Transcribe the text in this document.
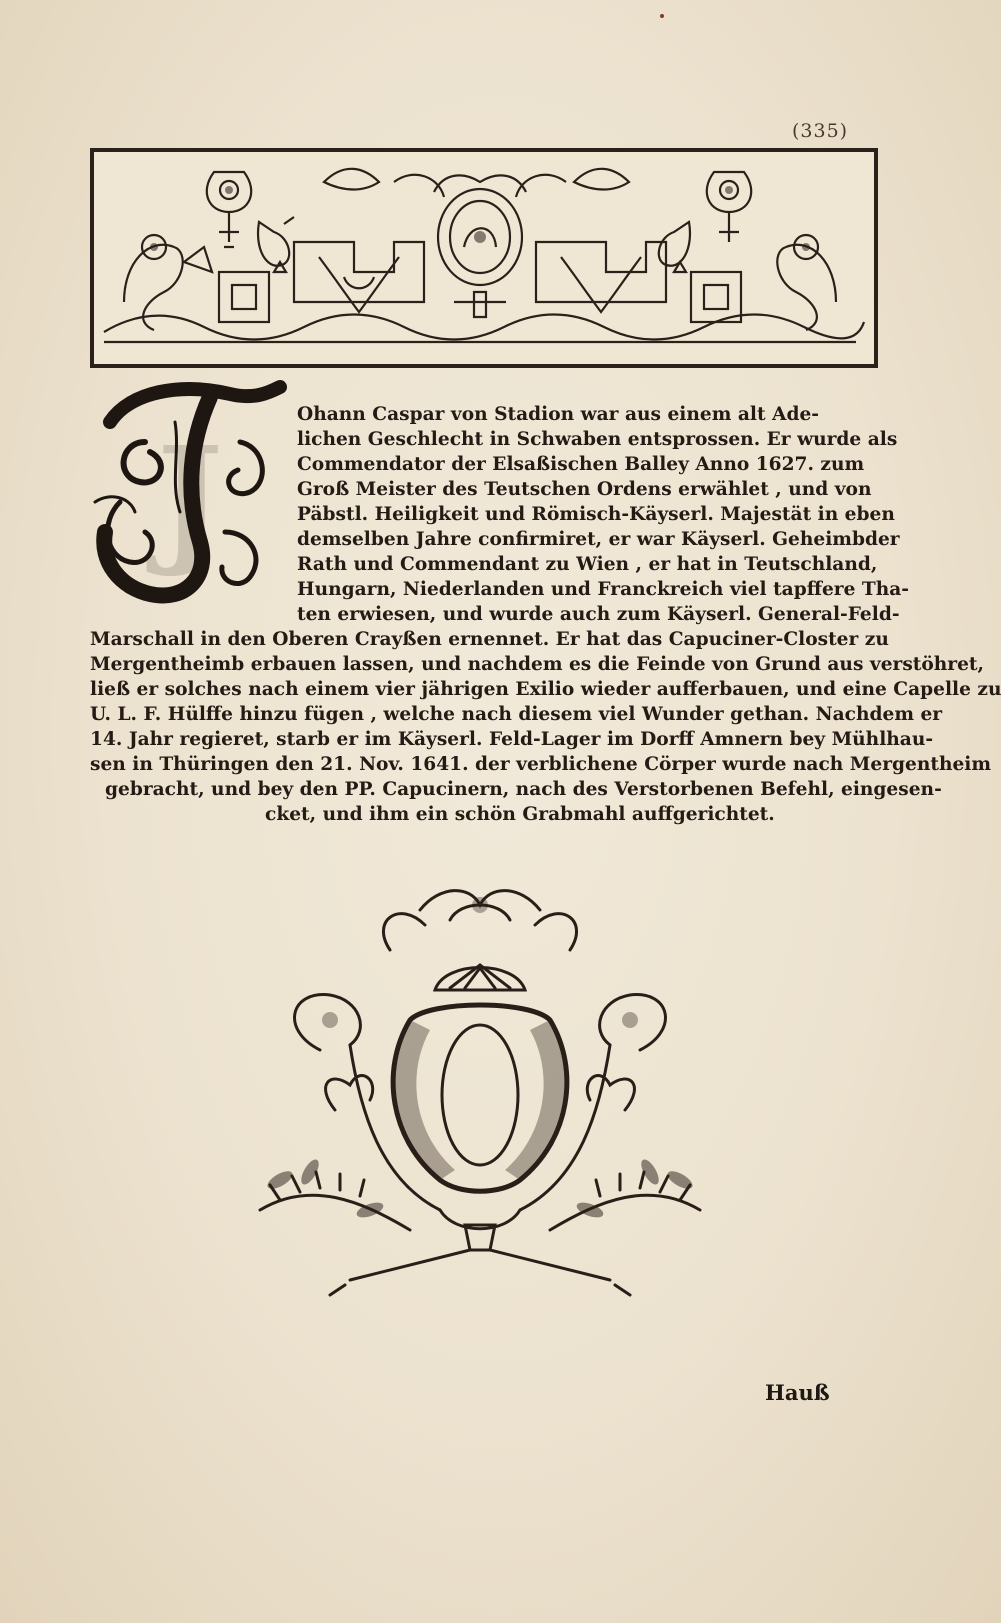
(335)
J
Ohann Caspar von Stadion war aus einem alt Ade-
lichen Geschlecht in Schwaben entsprossen. Er wurde als
Commendator der Elsaßischen Balley Anno 1627. zum
Groß Meister des Teutschen Ordens erwählet , und von
Päbstl. Heiligkeit und Römisch-Käyserl. Majestät in eben
demselben Jahre confirmiret, er war Käyserl. Geheimbder
Rath und Commendant zu Wien , er hat in Teutschland,
Hungarn, Niederlanden und Franckreich viel tapffere Tha-
ten erwiesen, und wurde auch zum Käyserl. General-Feld-
Marschall in den Oberen Crayßen ernennet. Er hat das Capuciner-Closter zu
Mergentheimb erbauen lassen, und nachdem es die Feinde von Grund aus verstöhret,
ließ er solches nach einem vier jährigen Exilio wieder aufferbauen, und eine Capelle zu
U. L. F. Hülffe hinzu fügen , welche nach diesem viel Wunder gethan. Nachdem er
14. Jahr regieret, starb er im Käyserl. Feld-Lager im Dorff Amnern bey Mühlhau-
sen in Thüringen den 21. Nov. 1641. der verblichene Cörper wurde nach Mergentheim
gebracht, und bey den PP. Capucinern, nach des Verstorbenen Befehl, eingesen-
cket, und ihm ein schön Grabmahl auffgerichtet.
Hauß
